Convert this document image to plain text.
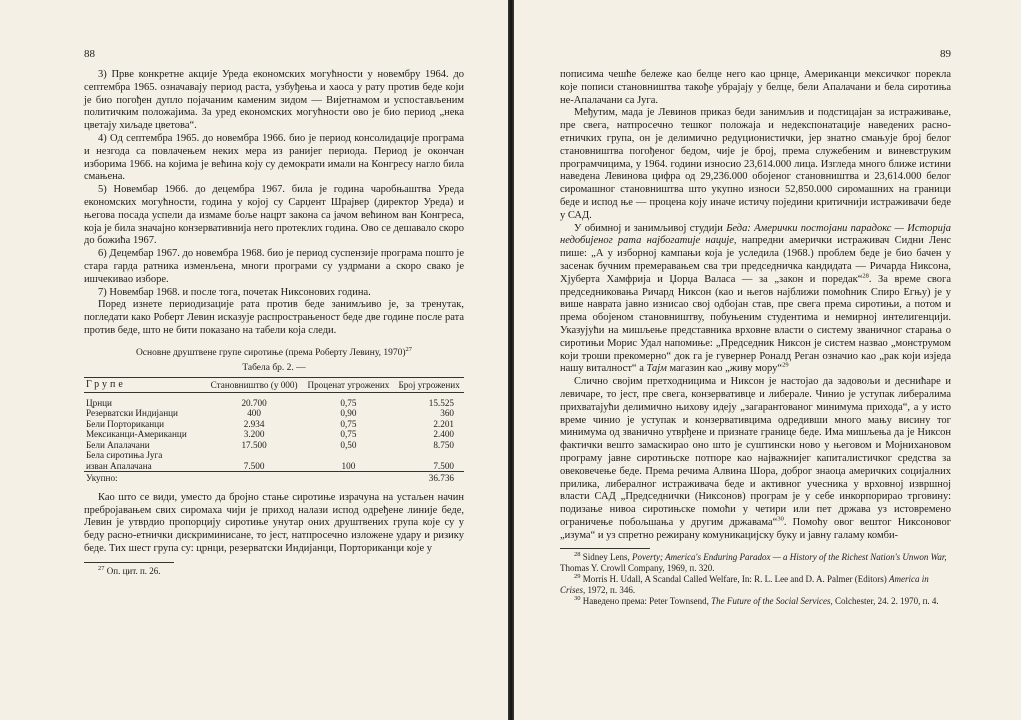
88

3) Прве конкретне акције Уреда економских могућности у новембру 1964. до септембра 1965. означавају период раста, узбуђења и хаоса у рату против беде који је био погођен дупло појачаним каменим зидом — Вијетнамом и успостављеним политичким положајима. За уред економских могућности ово је био период „нека цветају хиљаде цветова“.

4) Од септембра 1965. до новембра 1966. био је период консолидације програма и незгода са повлачењем неких мера из ранијег периода. Период је окончан изборима 1966. на којима је већина коју су демократи имали на Конгресу нагло била смањена.

5) Новембар 1966. до децембра 1967. била је година чаробњаштва Уреда економских могућности, година у којој су Сарџент Шрајвер (директор Уреда) и његова посада успели да измаме боље нацрт закона са јачом већином ван Конгреса, која је била значајно конзервативнија него протеклих година. Ово се дешавало скоро до божића 1967.

6) Децембар 1967. до новембра 1968. био је период суспензије програма пошто је стара гарда ратника изменљена, многи програми су уздрмани а скоро свако је ишчекивао изборе.

7) Новембар 1968. и после тога, почетак Никсонових година.

Поред изнете периодизације рата против беде занимљиво је, за тренутак, погледати како Роберт Левин исказује распрострањеност беде две године после рата против беде, што не бити показано на табели која следи.

Основне друштвене групе сиротиње (према Роберту Левину, 1970)$^{27}$
Табела бр. 2. —
Групе	Становништво (у 000)	Проценат угрожених	Број угрожених
Црнци	20.700	0,75	15.525
Резерватски Индијанци	400	0,90	360
Бели Порториканци	2.934	0,75	2.201
Мексиканци-Американци	3.200	0,75	2.400
Бели Апалачани	17.500	0,50	8.750
Бела сиротиња Југа			
изван Апалачана	7.500	100	7.500
Укупно:			36.736

Као што се види, уместо да бројно стање сиротиње израчуна на устаљен начин пребројавањем свих сиромаха чији је приход налази испод одређене линије беде, Левин је утврдио пропорцију сиротиње унутар оних друштвених група које су у беду расно-етнички дискриминисане, то јест, натпросечно изложене удару и ризику беде. Тих шест група су: црнци, резерватски Индијанци, Порториканци које у

$^{27}$ Оп. цит. п. 26.
89

пописима чешће бележе као белце него као црнце, Американци мексичког порекла које пописи становништва такође убрајају у белце, бели Апалачани и бела сиротиња не-Апалачани са Југа.

Међутим, мада је Левинов приказ беди занимљив и подстицајан за истраживање, пре свега, натпросечно тешког положаја и недекспонатације наведених расно-етничких група, он је делимично редуционистички, јер знатно смањује број белог становништва погођеног бедом, чије је број, према служебеним и виневструким програмчицима, у 1964. години износио 23,614.000 лица. Изгледа много ближе истини наведена Левинова цифра од 29,236.000 обојеног становништва и 23,614.000 белог сиромашног становништва што укупно износи 52,850.000 сиромашних на граници беде и испод ње — процена коју иначе истичу поједини критичнији истраживачи беде у САД.

У обимној и занимљивој студији Беда: Амерички постојани парадокс — Историја недобијеног рата најбогатије нације, напредни амерички истраживач Сидни Ленс пише: „А у изборној кампањи која је уследила (1968.) проблем беде је био бачен у засенак бучним премеравањем сва три председничка кандидата — Ричарда Никсона, Хјуберта Хамфрија и Џорџа Валаса — за „закон и поредак“$^{28}$. За време свога председниковања Ричард Никсон (као и његов најближи помоћник Спиро Егњу) је у више навратa јавно изнисао свој одбојан став, пре свега према сиротињи, а потом и према обојеном становништву, побуњеним студентима и немирној интелигенцији. Указујући на мишљење представника врховне власти о систему званичног старања о сиротињи Морис Удал напомиње: „Председник Никсон је систем назвао „монструмом који троши прекомерно“ док га је гувернер Роналд Реган означио као „рак који изједа нашу виталност“ а Тајм магазин као „живу мору“$^{29}$

Слично својим претходницима и Никсон је настојао да задовољи и деснићаре и левичаре, то јест, пре свега, конзервативце и либерале. Чинио је уступак либералима прихватајући делимично њихову идеју „загарантованог минимума прихода“, а у исто време чинио је уступак и конзервативцима одредивши много мању висину тог минимума од званично утврђене и признате границе беде. Има мишљења да је Никсон фактички вешто замаскирао оно што је суштински ново у његовом и Мојнихановом програму јавне сиротињске потпоре као најважнијег капиталистичког средства за овековечење беде. Према речима Алвина Шора, доброг знаоца америчких социјалних прилика, либералног истраживача беде и активног учесника у врховној извршној власти САД „Председнички (Никсонов) програм је у себе инкорпорирао трговину: подизање нивоа сиротињске помоћи у четири или пет држава уз истовремено ограничење побољшања у другим државама“$^{30}$. Помоћу овог вештог Никсоновог „изума“ и уз спретно режирану комуникацијску буку и јавну галаму комби-

$^{28}$ Sidney Lens, Poverty; America's Enduring Paradox — a History of the Richest Nation's Unwon War, Thomas Y. Crowll Company, 1969, п. 320.
$^{29}$ Morris H. Udall, A Scandal Called Welfare, In: R. L. Lee and D. A. Palmer (Editors) America in Crises, 1972, п. 346.
$^{30}$ Наведено према: Peter Townsend, The Future of the Social Services, Colchester, 24. 2. 1970, п. 4.
